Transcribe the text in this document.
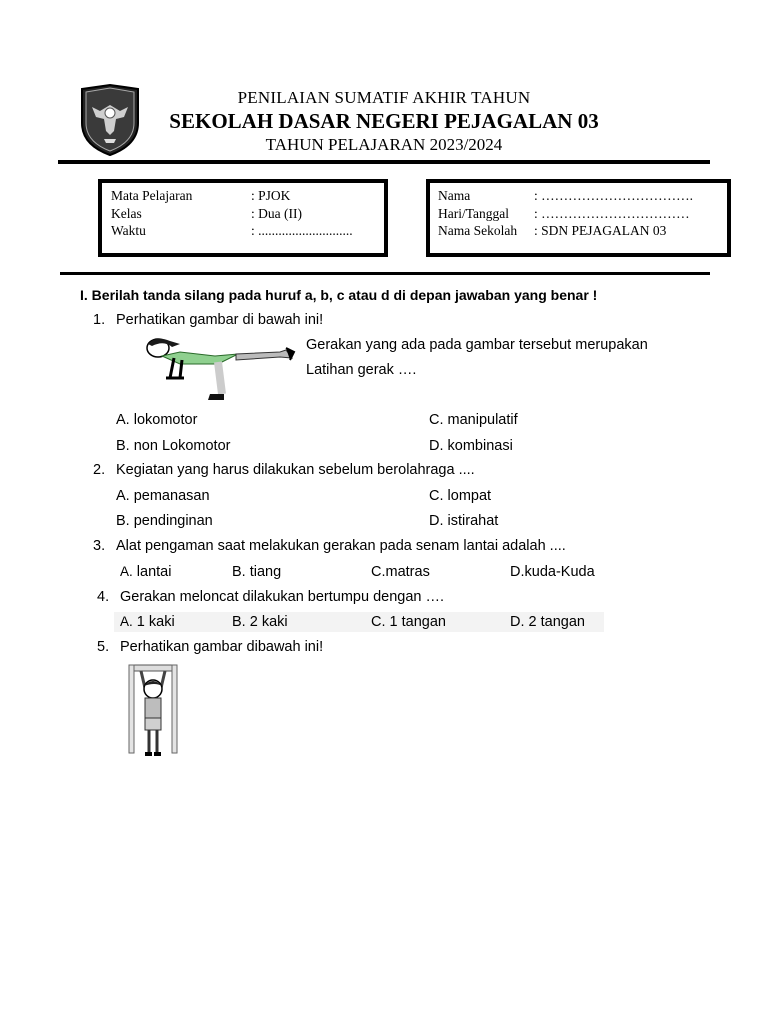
PENILAIAN SUMATIF AKHIR TAHUN
SEKOLAH DASAR NEGERI PEJAGALAN 03
TAHUN PELAJARAN 2023/2024
Mata Pelajaran	: PJOK
Kelas	: Dua (II)
Waktu	: ............................
Nama	: …………………………….
Hari/Tanggal	: ……………………………
Nama Sekolah	: SDN PEJAGALAN 03
I. Berilah tanda silang pada huruf a, b, c atau d di depan jawaban yang benar !
1. Perhatikan gambar di bawah ini!
Gerakan yang ada pada gambar tersebut merupakan
Latihan gerak ….
A. lokomotor
B. non Lokomotor
C. manipulatif
D. kombinasi
2. Kegiatan yang harus dilakukan sebelum berolahraga ....
A. pemanasan
B. pendinginan
C. lompat
D. istirahat
3. Alat pengaman saat melakukan gerakan pada senam lantai adalah ....
A. lantai	B. tiang	C.matras	D.kuda-Kuda
4. Gerakan meloncat dilakukan bertumpu dengan ….
A. 1 kaki	B. 2 kaki	C. 1 tangan	D. 2 tangan
5. Perhatikan gambar dibawah ini!
